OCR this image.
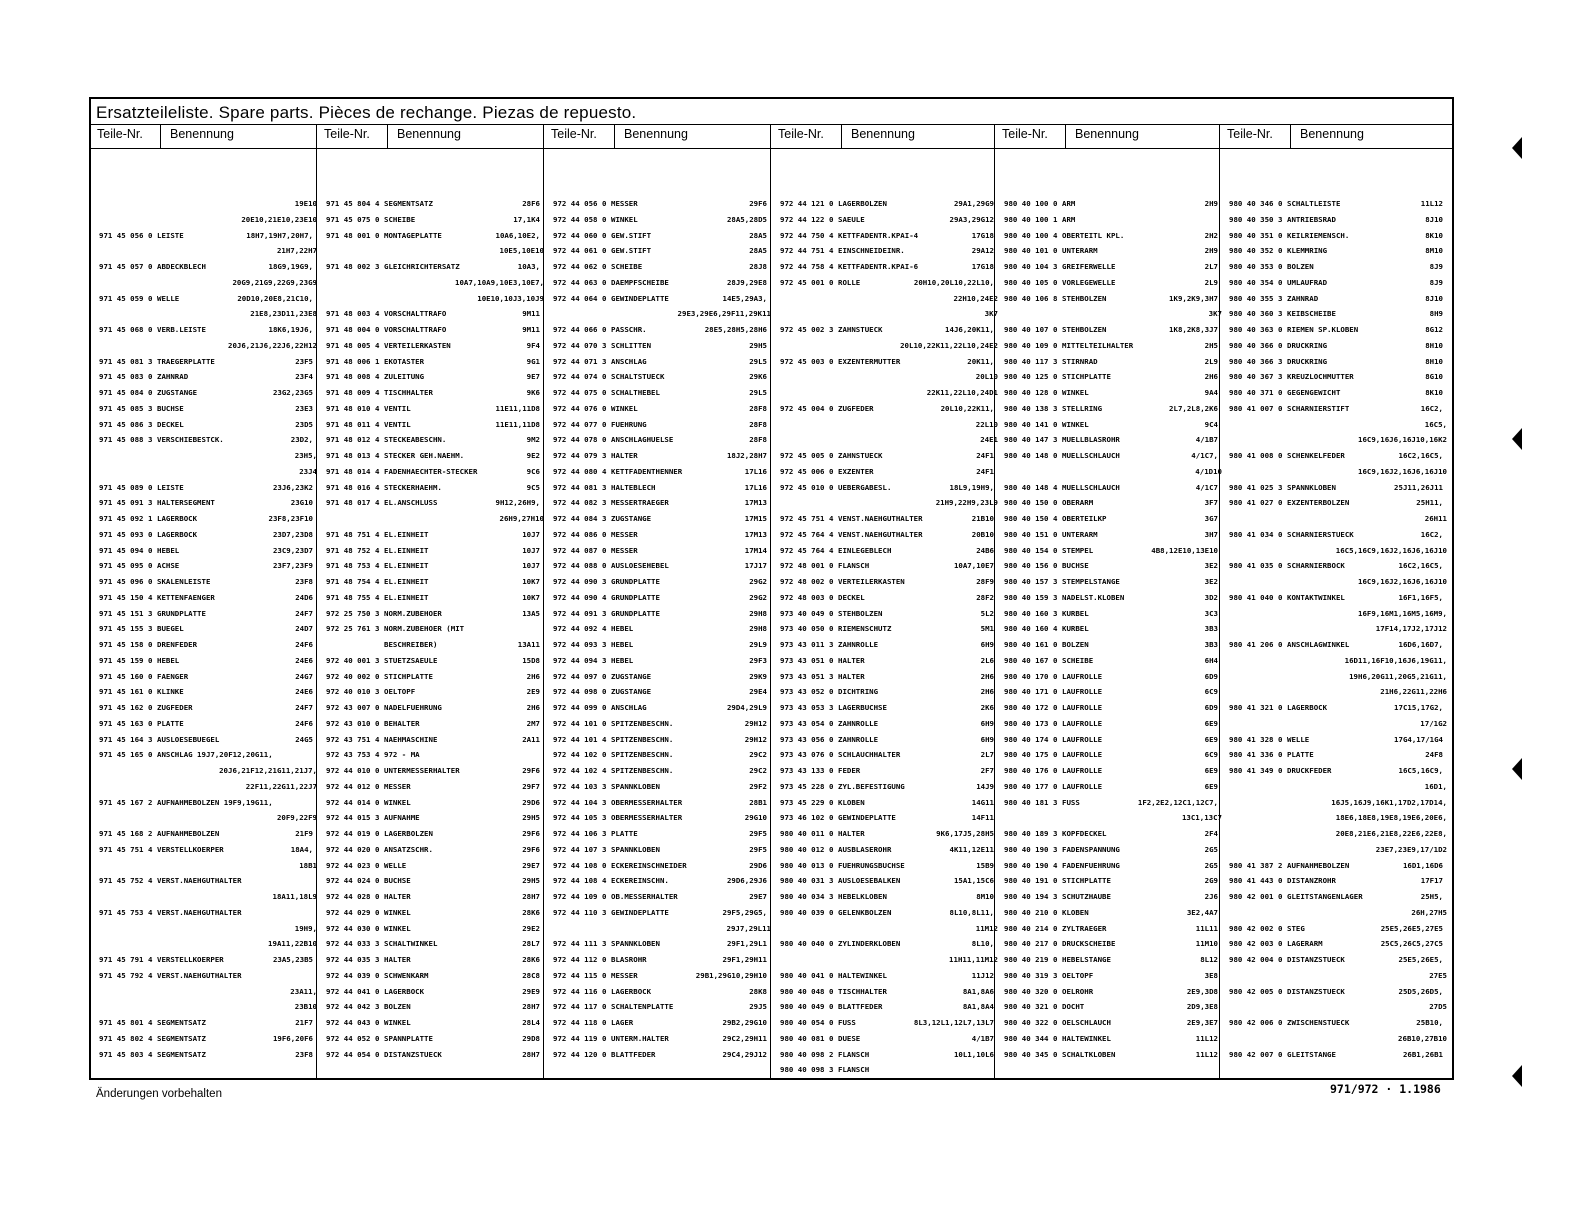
Ersatzteileliste. Spare parts. Pièces de rechange. Piezas de repuesto.
Teile-Nr. Benennung
19E10
20E10,21E10,23E10
971 45 056 0 LEISTE	18H7,19H7,20H7,
21H7,22H7
971 45 057 0 ABDECKBLECH	18G9,19G9,
20G9,21G9,22G9,23G9
971 45 059 0 WELLE	20D10,20E8,21C10,
21E8,23D11,23E8
971 45 068 0 VERB.LEISTE	18K6,19J6,
20J6,21J6,22J6,22H12
971 45 081 3 TRAEGERPLATTE	23F5
971 45 083 0 ZAHNRAD	23F4
971 45 084 0 ZUGSTANGE	23G2,23G5
971 45 085 3 BUCHSE	23E3
971 45 086 3 DECKEL	23D5
971 45 088 3 VERSCHIEBESTCK.	23D2,
23H5,
23J4
971 45 089 0 LEISTE	23J6,23K2
971 45 091 3 HALTERSEGMENT	23G10
971 45 092 1 LAGERBOCK	23F8,23F10
971 45 093 0 LAGERBOCK	23D7,23D8
971 45 094 0 HEBEL	23C9,23D7
971 45 095 0 ACHSE	23F7,23F9
971 45 096 0 SKALENLEISTE	23F8
971 45 150 4 KETTENFAENGER	24D6
971 45 151 3 GRUNDPLATTE	24F7
971 45 155 3 BUEGEL	24D7
971 45 158 0 DRENFEDER	24F6
971 45 159 0 HEBEL	24E6
971 45 160 0 FAENGER	24G7
971 45 161 0 KLINKE	24E6
971 45 162 0 ZUGFEDER	24F7
971 45 163 0 PLATTE	24F6
971 45 164 3 AUSLOESEBUEGEL	24G5
971 45 165 0 ANSCHLAG 19J7,20F12,20G11,
20J6,21F12,21G11,21J7,
22F11,22G11,22J7
971 45 167 2 AUFNAHMEBOLZEN 19F9,19G11,
20F9,22F9
971 45 168 2 AUFNAHMEBOLZEN	21F9
971 45 751 4 VERSTELLKOERPER	18A4,
18B1
971 45 752 4 VERST.NAEHGUTHALTER
18A11,18L9
971 45 753 4 VERST.NAEHGUTHALTER
19H9,
19A11,22B10
971 45 791 4 VERSTELLKOERPER	23A5,23B5
971 45 792 4 VERST.NAEHGUTHALTER
23A11,
23B10
971 45 801 4 SEGMENTSATZ	21F7
971 45 802 4 SEGMENTSATZ	19F6,20F6
971 45 803 4 SEGMENTSATZ	23F8
Teile-Nr. Benennung
971 45 804 4 SEGMENTSATZ	28F6
971 45 075 0 SCHEIBE	17,1K4
971 48 001 0 MONTAGEPLATTE	10A6,10E2,
10E5,10E10
971 48 002 3 GLEICHRICHTERSATZ	10A3,
10A7,10A9,10E3,10E7,
10E10,10J3,10J9
971 48 003 4 VORSCHALTTRAFO	9M11
971 48 004 0 VORSCHALTTRAFO	9M11
971 48 005 4 VERTEILERKASTEN	9F4
971 48 006 1 EKOTASTER	9G1
971 48 008 4 ZULEITUNG	9E7
971 48 009 4 TISCHHALTER	9K6
971 48 010 4 VENTIL	11E11,11D8
971 48 011 4 VENTIL	11E11,11D8
971 48 012 4 STECKEABESCHN.	9M2
971 48 013 4 STECKER GEH.NAEHM.	9E2
971 48 014 4 FADENHAECHTER-STECKER	9C6
971 48 016 4 STECKERHAEHM.	9C5
971 48 017 4 EL.ANSCHLUSS	9H12,26H9,
26H9,27H10
971 48 751 4 EL.EINHEIT	10J7
971 48 752 4 EL.EINHEIT	10J7
971 48 753 4 EL.EINHEIT	10J7
971 48 754 4 EL.EINHEIT	10K7
971 48 755 4 EL.EINHEIT	10K7
972 25 750 3 NORM.ZUBEHOER	13A5
972 25 761 3 NORM.ZUBEHOER (MIT
BESCHREIBER)	13A11
972 40 001 3 STUETZSAEULE	15D8
972 40 002 0 STICHPLATTE	2H6
972 40 010 3 OELTOPF	2E9
972 43 007 0 NADELFUEHRUNG	2H6
972 43 010 0 BEHALTER	2M7
972 43 751 4 NAEHMASCHINE	2A11
972 43 753 4 972 - MA
972 44 010 0 UNTERMESSERHALTER	29F6
972 44 012 0 MESSER	29F7
972 44 014 0 WINKEL	29D6
972 44 015 3 AUFNAHME	29H5
972 44 019 0 LAGERBOLZEN	29F6
972 44 020 0 ANSATZSCHR.	29F6
972 44 023 0 WELLE	29E7
972 44 024 0 BUCHSE	29H5
972 44 028 0 HALTER	28H7
972 44 029 0 WINKEL	28K6
972 44 030 0 WINKEL	29E2
972 44 033 3 SCHALTWINKEL	28L7
972 44 035 3 HALTER	28K6
972 44 039 0 SCHWENKARM	28C8
972 44 041 0 LAGERBOCK	29E9
972 44 042 3 BOLZEN	28H7
972 44 043 0 WINKEL	28L4
972 44 052 0 SPANNPLATTE	29D8
972 44 054 0 DISTANZSTUECK	28H7
Teile-Nr. Benennung
972 44 056 0 MESSER	29F6
972 44 058 0 WINKEL	28A5,28D5
972 44 060 0 GEW.STIFT	28A5
972 44 061 0 GEW.STIFT	28A5
972 44 062 0 SCHEIBE	28J8
972 44 063 0 DAEMPFSCHEIBE	28J9,29E8
972 44 064 0 GEWINDEPLATTE	14E5,29A3,
29E3,29E6,29F11,29K11
972 44 066 0 PASSCHR.	28E5,28H5,28H6
972 44 070 3 SCHLITTEN	29H5
972 44 071 3 ANSCHLAG	29L5
972 44 074 0 SCHALTSTUECK	29K6
972 44 075 0 SCHALTHEBEL	29L5
972 44 076 0 WINKEL	28F8
972 44 077 0 FUEHRUNG	28F8
972 44 078 0 ANSCHLAGHUELSE	28F8
972 44 079 3 HALTER	18J2,28H7
972 44 080 4 KETTFADENTHENNER	17L16
972 44 081 3 HALTEBLECH	17L16
972 44 082 3 MESSERTRAEGER	17M13
972 44 084 3 ZUGSTANGE	17M15
972 44 086 0 MESSER	17M13
972 44 087 0 MESSER	17M14
972 44 088 0 AUSLOESEHEBEL	17J17
972 44 090 3 GRUNDPLATTE	29G2
972 44 090 4 GRUNDPLATTE	29G2
972 44 091 3 GRUNDPLATTE	29H8
972 44 092 4 HEBEL	29H8
972 44 093 3 HEBEL	29L9
972 44 094 3 HEBEL	29F3
972 44 097 0 ZUGSTANGE	29K9
972 44 098 0 ZUGSTANGE	29E4
972 44 099 0 ANSCHLAG	29D4,29L9
972 44 101 0 SPITZENBESCHN.	29H12
972 44 101 4 SPITZENBESCHN.	29H12
972 44 102 0 SPITZENBESCHN.	29C2
972 44 102 4 SPITZENBESCHN.	29C2
972 44 103 3 SPANNKLOBEN	29F2
972 44 104 3 OBERMESSERHALTER	28B1
972 44 105 3 OBERMESSERHALTER	29G10
972 44 106 3 PLATTE	29F5
972 44 107 3 SPANNKLOBEN	29F5
972 44 108 0 ECKEREINSCHNEIDER	29D6
972 44 108 4 ECKEREINSCHN.	29D6,29J6
972 44 109 0 OB.MESSERHALTER	29E7
972 44 110 3 GEWINDEPLATTE	29F5,29G5,
29J7,29L11
972 44 111 3 SPANNKLOBEN	29F1,29L1
972 44 112 0 BLASROHR	29F1,29H11
972 44 115 0 MESSER	29B1,29G10,29H10
972 44 116 0 LAGERBOCK	28K8
972 44 117 0 SCHALTENPLATTE	29J5
972 44 118 0 LAGER	29B2,29G10
972 44 119 0 UNTERM.HALTER	29C2,29H11
972 44 120 0 BLATTFEDER	29C4,29J12
Teile-Nr. Benennung
972 44 121 0 LAGERBOLZEN	29A1,29G9
972 44 122 0 SAEULE	29A3,29G12
972 44 750 4 KETTFADENTR.KPAI-4	17G18
972 44 751 4 EINSCHNEIDEINR.	29A12
972 44 758 4 KETTFADENTR.KPAI-6	17G18
972 45 001 0 ROLLE	20H10,20L10,22L10,
22H10,24E2
3K7
972 45 002 3 ZAHNSTUECK	14J6,20K11,
20L10,22K11,22L10,24E2
972 45 003 0 EXZENTERMUTTER	20K11,
20L10
22K11,22L10,24D1
972 45 004 0 ZUGFEDER	20L10,22K11,
22L10
24E1
972 45 005 0 ZAHNSTUECK	24F1
972 45 006 0 EXZENTER	24F1
972 45 010 0 UEBERGABESL.	18L9,19H9,
21H9,22H9,23L9
972 45 751 4 VENST.NAEHGUTHALTER	21B10
972 45 764 4 VENST.NAEHGUTHALTER	20B10
972 45 764 4 EINLEGEBLECH	24B6
972 48 001 0 FLANSCH	10A7,10E7
972 48 002 0 VERTEILERKASTEN	28F9
972 48 003 0 DECKEL	28F2
973 40 049 0 STEHBOLZEN	5L2
973 40 050 0 RIEMENSCHUTZ	5M1
973 43 011 3 ZAHNROLLE	6H9
973 43 051 0 HALTER	2L6
973 43 051 3 HALTER	2H6
973 43 052 0 DICHTRING	2H6
973 43 053 3 LAGERBUCHSE	2K6
973 43 054 0 ZAHNROLLE	6H9
973 43 056 0 ZAHNROLLE	6H9
973 43 076 0 SCHLAUCHHALTER	2L7
973 43 133 0 FEDER	2F7
973 45 228 0 ZYL.BEFESTIGUNG	14J9
973 45 229 0 KLOBEN	14G11
973 46 102 0 GEWINDEPLATTE	14F11
980 40 011 0 HALTER	9K6,17J5,28H5
980 40 012 0 AUSBLASEROHR	4K11,12E11
980 40 013 0 FUEHRUNGSBUCHSE	15B9
980 40 031 3 AUSLOESEBALKEN	15A1,15C6
980 40 034 3 HEBELKLOBEN	8M10
980 40 039 0 GELENKBOLZEN	8L10,8L11,
11M12
980 40 040 0 ZYLINDERKLOBEN	8L10,
11H11,11M12
980 40 041 0 HALTEWINKEL	11J12
980 40 048 0 TISCHHALTER	8A1,8A6
980 40 049 0 BLATTFEDER	8A1,8A4
980 40 054 0 FUSS	8L3,12L1,12L7,13L7
980 40 081 0 DUESE	4/1B7
980 40 098 2 FLANSCH	10L1,10L6
980 40 098 3 FLANSCH
Teile-Nr. Benennung
980 40 100 0 ARM	2H9
980 40 100 1 ARM
980 40 100 4 OBERTEITL KPL.	2H2
980 40 101 0 UNTERARM	2H9
980 40 104 3 GREIFERWELLE	2L7
980 40 105 0 VORLEGEWELLE	2L9
980 40 106 8 STEHBOLZEN	1K9,2K9,3H7
3K7
980 40 107 0 STEHBOLZEN	1K8,2K8,3J7
980 40 109 0 MITTELTEILHALTER	2H5
980 40 117 3 STIRNRAD	2L9
980 40 125 0 STICHPLATTE	2H6
980 40 128 0 WINKEL	9A4
980 40 138 3 STELLRING	2L7,2L8,2K6
980 40 141 0 WINKEL	9C4
980 40 147 3 MUELLBLASROHR	4/1B7
980 40 148 0 MUELLSCHLAUCH	4/1C7,
4/1D10
980 40 148 4 MUELLSCHLAUCH	4/1C7
980 40 150 0 OBERARM	3F7
980 40 150 4 OBERTEILKP	3G7
980 40 151 0 UNTERARM	3H7
980 40 154 0 STEMPEL	4B8,12E10,13E10
980 40 156 0 BUCHSE	3E2
980 40 157 3 STEMPELSTANGE	3E2
980 40 159 3 NADELST.KLOBEN	3D2
980 40 160 3 KURBEL	3C3
980 40 160 4 KURBEL	3B3
980 40 161 0 BOLZEN	3B3
980 40 167 0 SCHEIBE	6H4
980 40 170 0 LAUFROLLE	6D9
980 40 171 0 LAUFROLLE	6C9
980 40 172 0 LAUFROLLE	6D9
980 40 173 0 LAUFROLLE	6E9
980 40 174 0 LAUFROLLE	6E9
980 40 175 0 LAUFROLLE	6C9
980 40 176 0 LAUFROLLE	6E9
980 40 177 0 LAUFROLLE	6E9
980 40 181 3 FUSS	1F2,2E2,12C1,12C7,
13C1,13C7
980 40 189 3 KOPFDECKEL	2F4
980 40 190 3 FADENSPANNUNG	2G5
980 40 190 4 FADENFUEHRUNG	2G5
980 40 191 0 STICHPLATTE	2G9
980 40 194 3 SCHUTZHAUBE	2J6
980 40 210 0 KLOBEN	3E2,4A7
980 40 214 0 ZYLTRAEGER	11L11
980 40 217 0 DRUCKSCHEIBE	11M10
980 40 219 0 HEBELSTANGE	8L12
980 40 319 3 OELTOPF	3E8
980 40 320 0 OELROHR	2E9,3D8
980 40 321 0 DOCHT	2D9,3E8
980 40 322 0 OELSCHLAUCH	2E9,3E7
980 40 344 0 HALTEWINKEL	11L12
980 40 345 0 SCHALTKLOBEN	11L12
Teile-Nr. Benennung
980 40 346 0 SCHALTLEISTE	11L12
980 40 350 3 ANTRIEBSRAD	8J10
980 40 351 0 KEILRIEMENSCH.	8K10
980 40 352 0 KLEMMRING	8M10
980 40 353 0 BOLZEN	8J9
980 40 354 0 UMLAUFRAD	8J9
980 40 355 3 ZAHNRAD	8J10
980 40 360 3 KEIBSCHEIBE	8H9
980 40 363 0 RIEMEN SP.KLOBEN	8G12
980 40 366 0 DRUCKRING	8H10
980 40 366 3 DRUCKRING	8H10
980 40 367 3 KREUZLOCHMUTTER	8G10
980 40 371 0 GEGENGEWICHT	8K10
980 41 007 0 SCHARNIERSTIFT	16C2,
16C5,
16C9,16J6,16J10,16K2
980 41 008 0 SCHENKELFEDER	16C2,16C5,
16C9,16J2,16J6,16J10
980 41 025 3 SPANNKLOBEN	25J11,26J11
980 41 027 0 EXZENTERBOLZEN	25H11,
26H11
980 41 034 0 SCHARNIERSTUECK	16C2,
16C5,16C9,16J2,16J6,16J10
980 41 035 0 SCHARNIERBOCK	16C2,16C5,
16C9,16J2,16J6,16J10
980 41 040 0 KONTAKTWINKEL	16F1,16F5,
16F9,16M1,16M5,16M9,
17F14,17J2,17J12
980 41 206 0 ANSCHLAGWINKEL	16D6,16D7,
16D11,16F10,16J6,19G11,
19H6,20G11,20G5,21G11,
21H6,22G11,22H6
980 41 321 0 LAGERBOCK	17C15,17G2,
17/1G2
980 41 328 0 WELLE	17G4,17/1G4
980 41 336 0 PLATTE	24F8
980 41 349 0 DRUCKFEDER	16C5,16C9,
16D1,
16J5,16J9,16K1,17D2,17D14,
18E6,18E8,19E8,19E6,20E6,
20E8,21E6,21E8,22E6,22E8,
23E7,23E9,17/1D2
980 41 387 2 AUFNAHMEBOLZEN	16D1,16D6
980 41 443 0 DISTANZROHR	17F17
980 42 001 0 GLEITSTANGENLAGER	25H5,
26H,27H5
980 42 002 0 STEG	25E5,26E5,27E5
980 42 003 0 LAGERARM	25C5,26C5,27C5
980 42 004 0 DISTANZSTUECK	25E5,26E5,
27E5
980 42 005 0 DISTANZSTUECK	25D5,26D5,
27D5
980 42 006 0 ZWISCHENSTUECK	25B10,
26B10,27B10
980 42 007 0 GLEITSTANGE	26B1,26B1
Änderungen vorbehalten	971/972 · 1.1986
